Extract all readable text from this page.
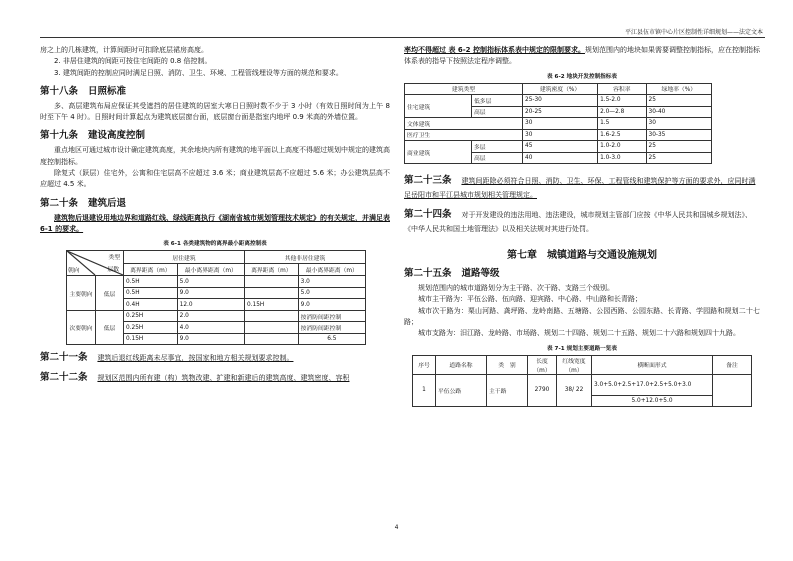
平江县伍市镇中心片区控制性详细规划——法定文本

房之上的几栋建筑，计算间距时可扣除底层裙房高度。

2. 非居住建筑的间距可按住宅间距的 0.8 倍控制。

3. 建筑间距的控制应同时满足日照、消防、卫生、环境、工程管线埋设等方面的规范和要求。

第十八条 日照标准

多、高层建筑布局应保证其受遮挡的居住建筑的居室大寒日日照时数不少于 3 小时（有效日照时间为上午 8 时至下午 4 时）。日照时间计算起点为建筑底层窗台面，底层窗台面是指室内地坪 0.9 米高的外墙位置。

第十九条 建设高度控制

重点地区可通过城市设计确定建筑高度，其余地块内所有建筑的地平面以上高度不得超过规划中规定的建筑高度控制指标。

除复式（跃层）住宅外，公寓和住宅层高不应超过 3.6 米；商业建筑层高不应超过 5.6 米；办公建筑层高不应超过 4.5 米。

第二十条 建筑后退

建筑物后退建设用地边界和道路红线、绿线距离执行《湖南省城市规划管理技术规定》的有关规定，并满足表 6-1 的要求。

表 6-1 各类建筑物的离界最小距离控制表
类型
层数
朝向	居住建筑		其他非居住建筑	
	离界距离（m）	最小离界距离（m）	离界距离（m）	最小离界距离（m）

主要朝向 低层	0.5H	5.0		3.0
	0.5H	9.0		5.0
	0.4H	12.0	0.15H	9.0

次要朝向 低层	0.25H	2.0		按消防间距控制
	0.25H	4.0		按消防间距控制
	0.15H	9.0		6.5
第二十一条 建筑后退红线距离未尽事宜，按国家和地方相关规划要求控制。
第二十二条 规划区范围内所有建（构）筑物改建、扩建和新建后的建筑高度、建筑密度、容积

率均不得超过 表 6-2 控制指标体系表中规定的限制要求。规划范围内的地块如果需要调整控制指标，应在控制指标体系表的指导下按照法定程序调整。

表 6-2 地块开发控制指标表
建筑类型		建筑密度（%）	容积率	绿地率（%）
住宅建筑	低多层	25-30	1.5-2.0	25
	高层	20-25	2.0—2.8	30-40
文体建筑		30	1.5	30
医疗卫生		30	1.6-2.5	30-35
商业建筑	多层	45	1.0-2.0	25
	高层	40	1.0-3.0	25
第二十三条 建筑间距除必须符合日照、消防、卫生、环保、工程管线和建筑保护等方面的要求外，应同时满足岳阳市和平江县城市规划相关管理规定。
第二十四条 对于开发建设的违法用地、违法建设，城市规划主管部门应按《中华人民共和国城乡规划法》、《中华人民共和国土地管理法》以及相关法规对其进行处罚。
第七章　城镇道路与交通设施规划
第二十五条 道路等级

规划范围内的城市道路划分为主干路、次干路、支路三个级别。

城市主干路为：平伍公路、伍向路、迎宾路、中心路、中山路和长青路；

城市次干路为：栗山河路、龚坪路、龙岭南路、五塘路、公园西路、公园东路、长青路、学园路和规划二十七路；

城市支路为：汨江路、龙岭路、市场路、规划二十四路、规划二十五路、规划二十六路和规划四十九路。

表 7-1 规划主要道路一览表
序号	道路名称	类　别	长度（m）	红线宽度（m）	横断面形式	备注
1	平伍公路	主干路	2790	38/ 22	3.0+5.0+2.5+17.0+2.5+5.0+3.0	
					5.0+12.0+5.0	
4
